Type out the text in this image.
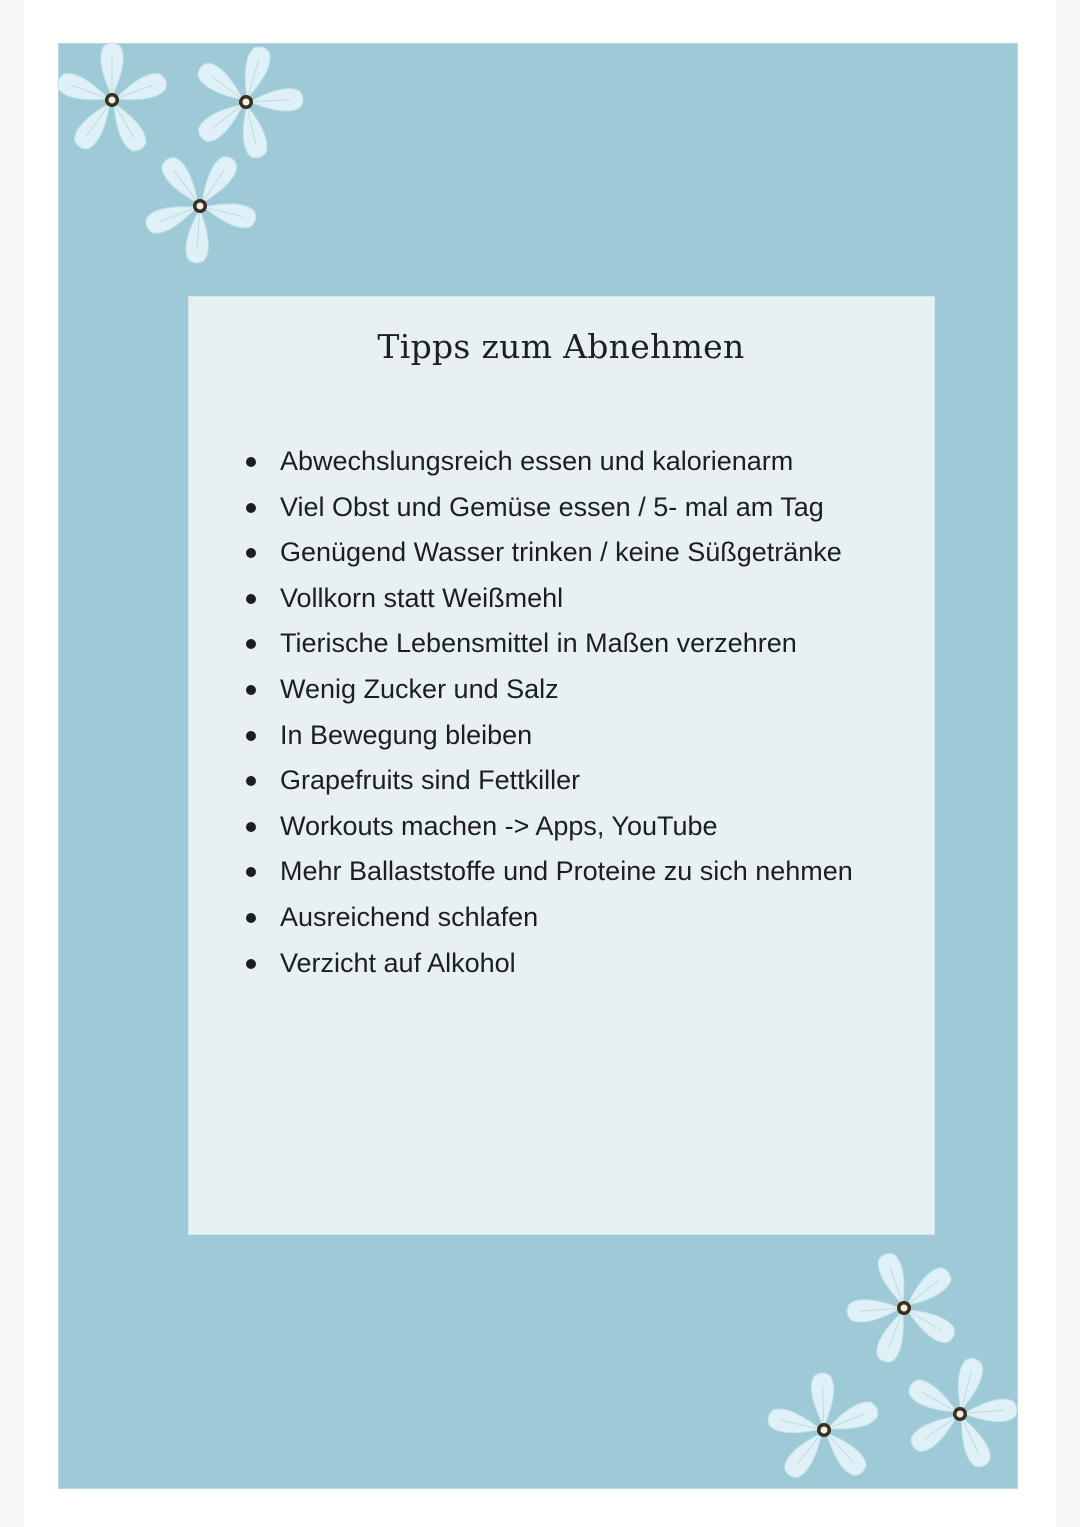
Tipps zum Abnehmen
Abwechslungsreich essen und kalorienarm
Viel Obst und Gemüse essen / 5- mal am Tag
Genügend Wasser trinken / keine Süßgetränke
Vollkorn statt Weißmehl
Tierische Lebensmittel in Maßen verzehren
Wenig Zucker und Salz
In Bewegung bleiben
Grapefruits sind Fettkiller
Workouts machen -> Apps, YouTube
Mehr Ballaststoffe und Proteine zu sich nehmen
Ausreichend schlafen
Verzicht auf Alkohol
